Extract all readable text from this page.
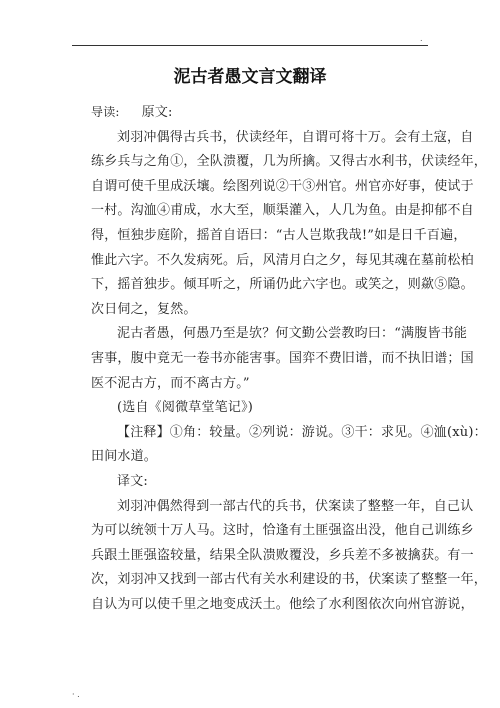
.
泥古者愚文言文翻译
导读: 原文:
刘羽冲偶得古兵书，伏读经年，自谓可将十万。会有土寇，自
练乡兵与之角①，全队溃覆，几为所擒。又得古水利书，伏读经年，
自谓可使千里成沃壤。绘图列说②干③州官。州官亦好事，使试于
一村。沟洫④甫成，水大至，顺渠灌入，人几为鱼。由是抑郁不自
得，恒独步庭阶，摇首自语曰：“古人岂欺我哉!”如是日千百遍，
惟此六字。不久发病死。后，风清月白之夕，每见其魂在墓前松柏
下，摇首独步。倾耳听之，所诵仍此六字也。或笑之，则歘⑤隐。
次日伺之，复然。
泥古者愚，何愚乃至是欤？何文勤公尝教昀曰：“满腹皆书能
害事，腹中竟无一卷书亦能害事。国弈不费旧谱，而不执旧谱；国
医不泥古方，而不离古方。”
(选自《阅微草堂笔记》)
【注释】①角：较量。②列说：游说。③干：求见。④洫(xù)：
田间水道。
译文:
刘羽冲偶然得到一部古代的兵书，伏案读了整整一年，自己认
为可以统领十万人马。这时，恰逢有土匪强盗出没，他自己训练乡
兵跟土匪强盗较量，结果全队溃败覆没，乡兵差不多被擒获。有一
次，刘羽冲又找到一部古代有关水利建设的书，伏案读了整整一年，
自认为可以使千里之地变成沃土。他绘了水利图依次向州官游说，
· .
